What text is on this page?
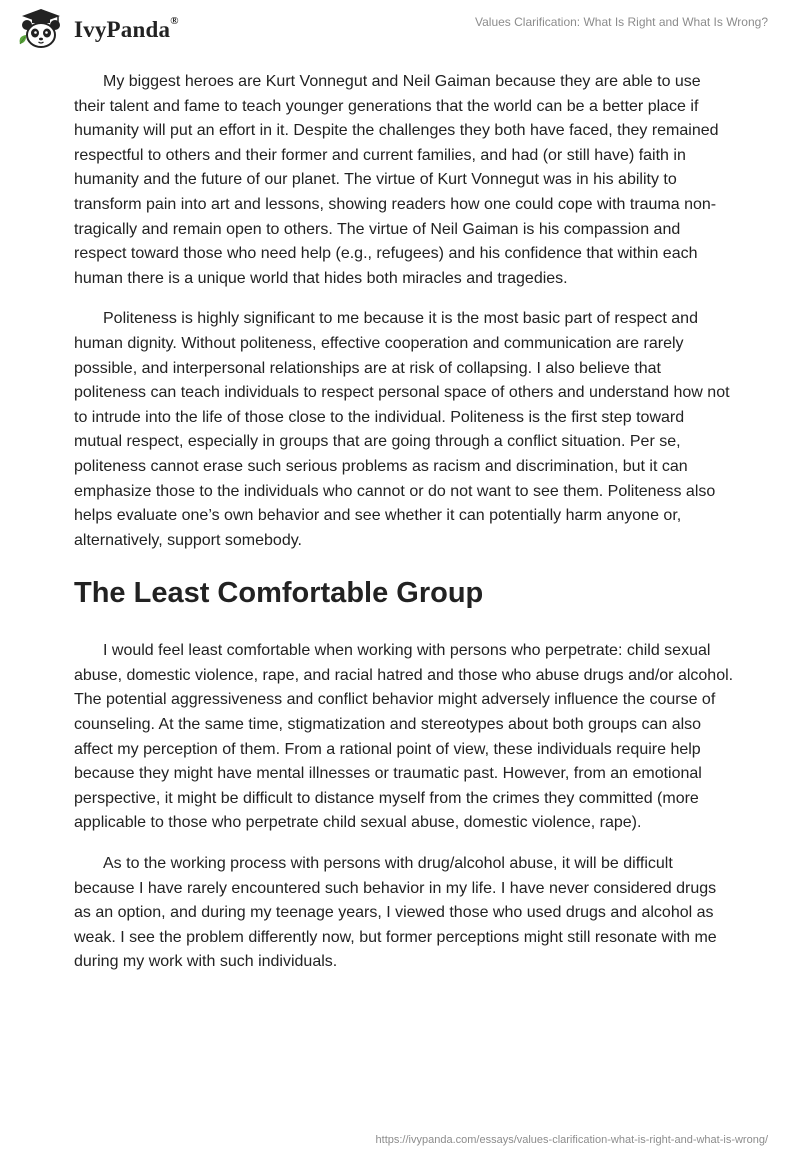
IvyPanda®	Values Clarification: What Is Right and What Is Wrong?

My biggest heroes are Kurt Vonnegut and Neil Gaiman because they are able to use their talent and fame to teach younger generations that the world can be a better place if humanity will put an effort in it. Despite the challenges they both have faced, they remained respectful to others and their former and current families, and had (or still have) faith in humanity and the future of our planet. The virtue of Kurt Vonnegut was in his ability to transform pain into art and lessons, showing readers how one could cope with trauma non-tragically and remain open to others. The virtue of Neil Gaiman is his compassion and respect toward those who need help (e.g., refugees) and his confidence that within each human there is a unique world that hides both miracles and tragedies.

Politeness is highly significant to me because it is the most basic part of respect and human dignity. Without politeness, effective cooperation and communication are rarely possible, and interpersonal relationships are at risk of collapsing. I also believe that politeness can teach individuals to respect personal space of others and understand how not to intrude into the life of those close to the individual. Politeness is the first step toward mutual respect, especially in groups that are going through a conflict situation. Per se, politeness cannot erase such serious problems as racism and discrimination, but it can emphasize those to the individuals who cannot or do not want to see them. Politeness also helps evaluate one’s own behavior and see whether it can potentially harm anyone or, alternatively, support somebody.

The Least Comfortable Group

I would feel least comfortable when working with persons who perpetrate: child sexual abuse, domestic violence, rape, and racial hatred and those who abuse drugs and/or alcohol. The potential aggressiveness and conflict behavior might adversely influence the course of counseling. At the same time, stigmatization and stereotypes about both groups can also affect my perception of them. From a rational point of view, these individuals require help because they might have mental illnesses or traumatic past. However, from an emotional perspective, it might be difficult to distance myself from the crimes they committed (more applicable to those who perpetrate child sexual abuse, domestic violence, rape).

As to the working process with persons with drug/alcohol abuse, it will be difficult because I have rarely encountered such behavior in my life. I have never considered drugs as an option, and during my teenage years, I viewed those who used drugs and alcohol as weak. I see the problem differently now, but former perceptions might still resonate with me during my work with such individuals.

https://ivypanda.com/essays/values-clarification-what-is-right-and-what-is-wrong/
